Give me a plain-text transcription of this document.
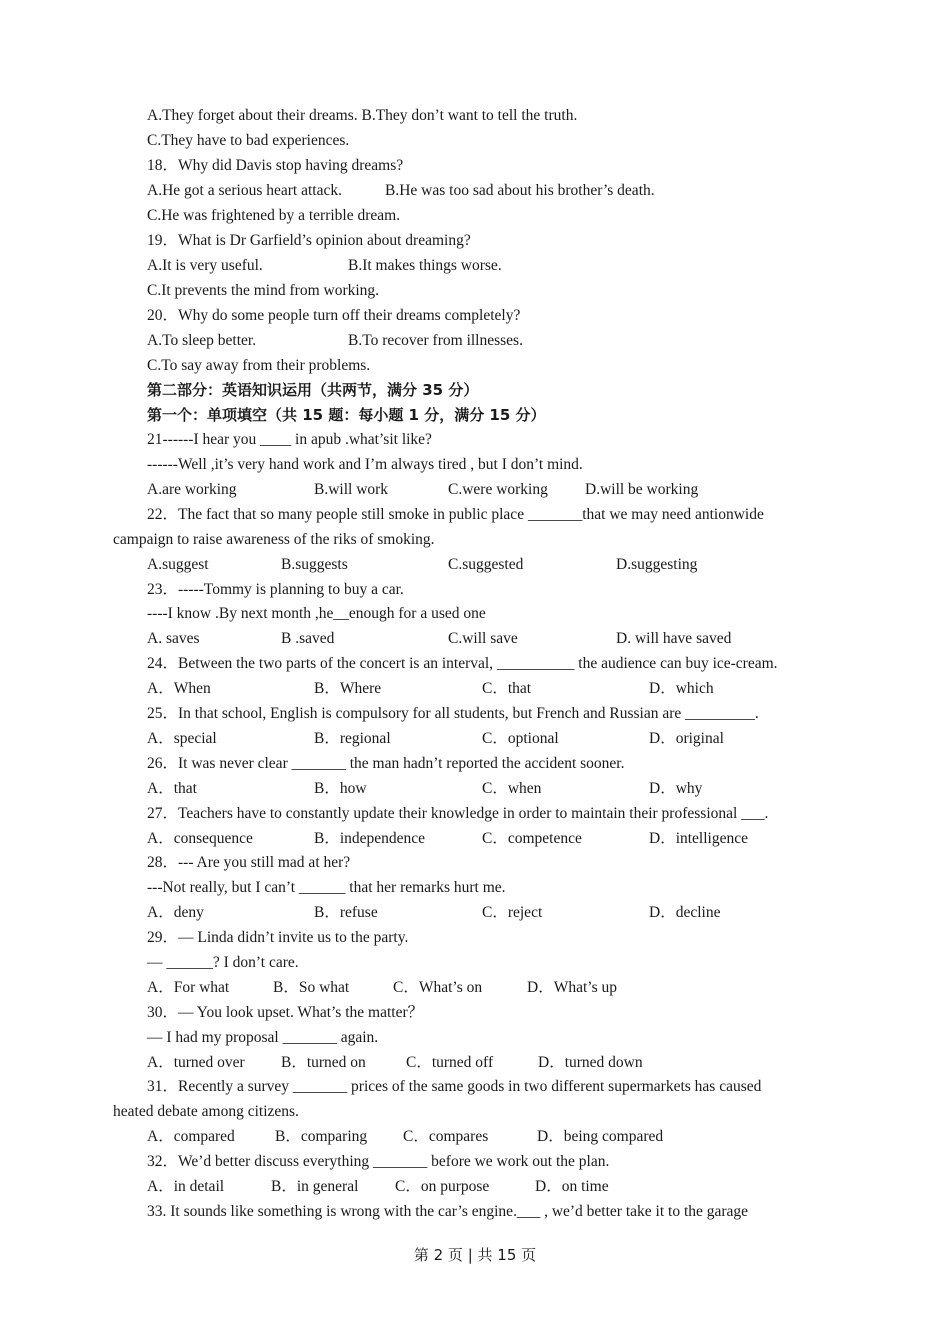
A.They forget about their dreams. B.They don’t want to tell the truth.
C.They have to bad experiences.
18．Why did Davis stop having dreams?
A.He got a serious heart attack.	B.He was too sad about his brother’s death.
C.He was frightened by a terrible dream.
19．What is Dr Garfield’s opinion about dreaming?
A.It is very useful.	B.It makes things worse.
C.It prevents the mind from working.
20．Why do some people turn off their dreams completely?
A.To sleep better.	B.To recover from illnesses.
C.To say away from their problems.
第二部分：英语知识运用（共两节，满分 35 分）
第一个：单项填空（共 15 题：每小题 1 分，满分 15 分）
21------I hear you ____ in apub .what’sit like?
------Well ,it’s very hand work and I’m always tired , but I don’t mind.
A.are working	B.will work	C.were working D.will be working
22．The fact that so many people still smoke in public place _______that we may need antionwide
campaign to raise awareness of the riks of smoking.
A.suggest	B.suggests	C.suggested	D.suggesting
23．-----Tommy is planning to buy a car.
----I know .By next month ,he__enough for a used one
A. saves	B .saved	C.will save	D. will have saved
24．Between the two parts of the concert is an interval, __________ the audience can buy ice-cream.
A．When	B．Where	C．that	D．which
25．In that school, English is compulsory for all students, but French and Russian are _________.
A．special	B．regional	C．optional	D．original
26．It was never clear _______ the man hadn’t reported the accident sooner.
A．that	B．how	C．when	D．why
27．Teachers have to constantly update their knowledge in order to maintain their professional ___.
A．consequence	B．independence	C．competence	D．intelligence
28．--- Are you still mad at her?
---Not really, but I can’t ______ that her remarks hurt me.
A．deny	B．refuse	C．reject	D．decline
29．— Linda didn’t invite us to the party.
— ______? I don’t care.
A．For what	B．So what	C．What’s on	D．What’s up
30．— You look upset. What’s the matter？
— I had my proposal _______ again.
A．turned over B．turned on	C．turned off	D．turned down
31．Recently a survey _______ prices of the same goods in two different supermarkets has caused
heated debate among citizens.
A．compared	B．comparing C．compares	D．being compared
32．We’d better discuss everything _______ before we work out the plan.
A．in detail	B．in general C．on purpose	D．on time
33. It sounds like something is wrong with the car’s engine.___ , we’d better take it to the garage
第 2 页 | 共 15 页
